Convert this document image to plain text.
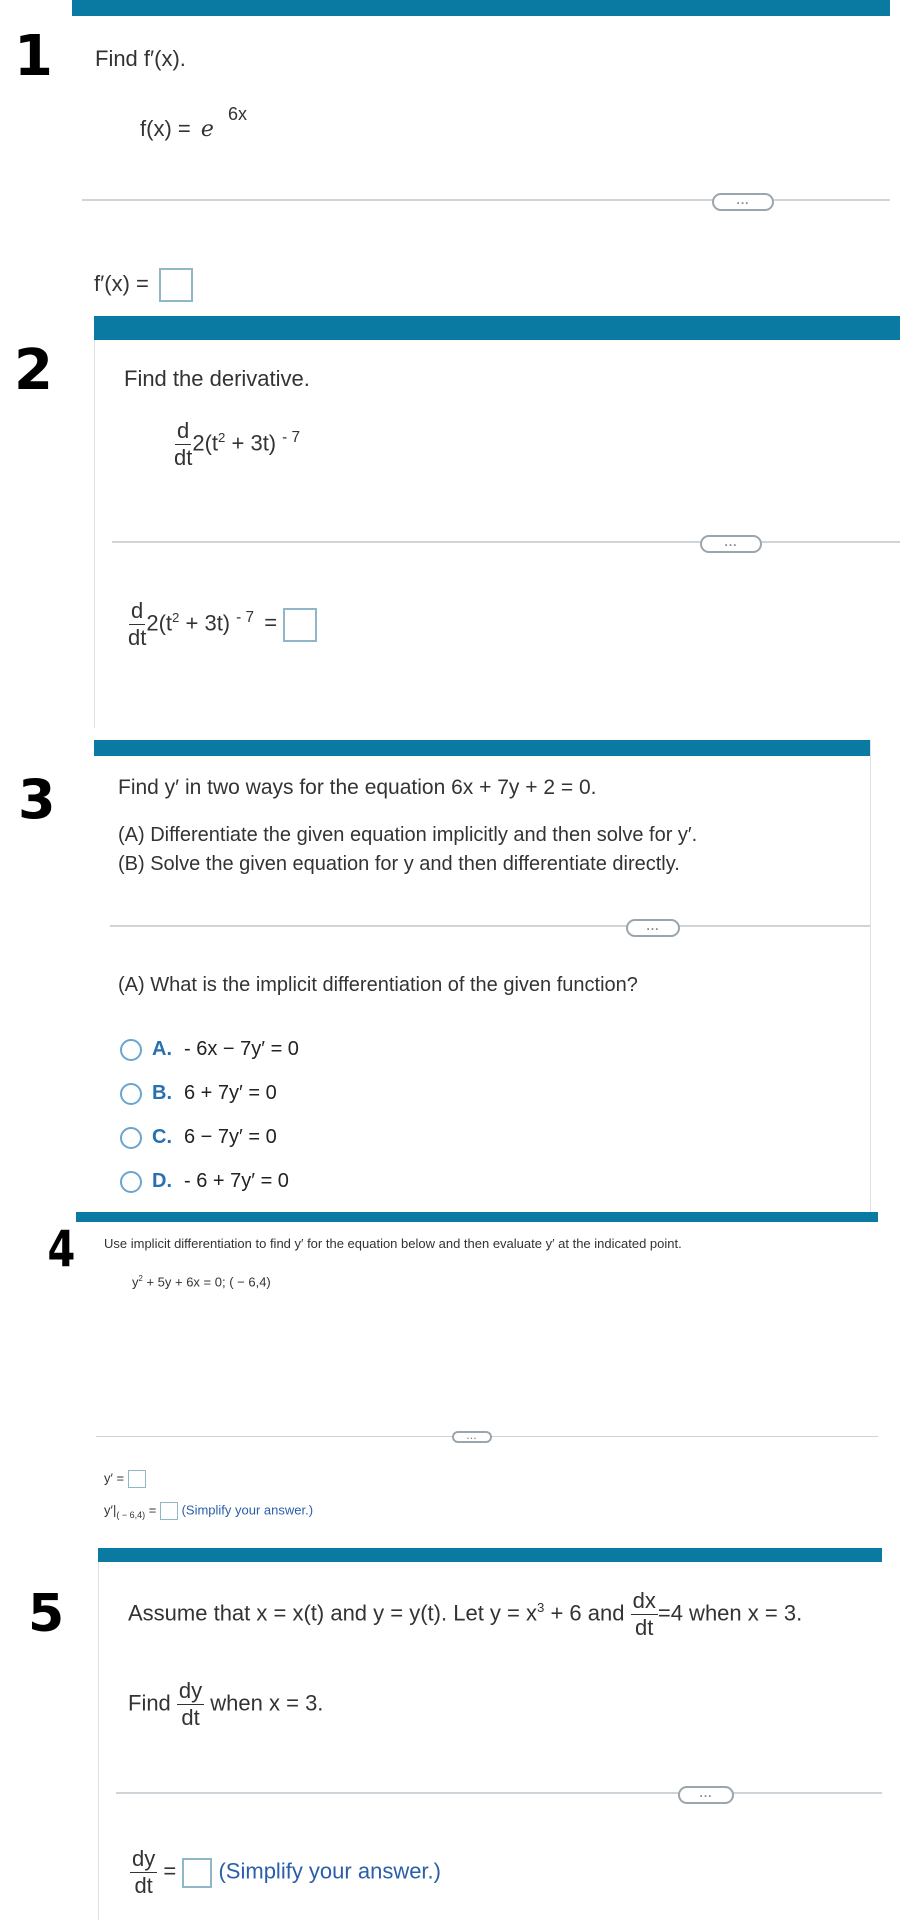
1 Find f′(x).
f(x) = e $^{6x}$
...
f′(x) =
2	Find the derivative.
$\frac{d}{dt} 2(t^2 + 3t)$ $^{- 7}$
...
$\frac{d}{dt} 2(t^2 + 3t) ^{- 7}$ =
3	Find y′ in two ways for the equation 6x + 7y + 2 = 0.
(A) Differentiate the given equation implicitly and then solve for y′.
(B) Solve the given equation for y and then differentiate directly.
...
(A) What is the implicit differentiation of the given function?
A. - 6x − 7y′ = 0
B. 6 + 7y′ = 0
C. 6 − 7y′ = 0
D. - 6 + 7y′ = 0
4 Use implicit differentiation to find y′ for the equation below and then evaluate y′ at the indicated point.
$y^2 + 5y + 6x = 0$; ( − 6,4)
...
y′ =
$y'|_{( - 6,4)}$ = (Simplify your answer.)
5	Assume that x = x(t) and y = y(t). Let $y = x^3 + 6$ and $\frac{dx}{dt} =4$ when x = 3.
Find $\frac{dy}{dt}$ when x = 3.
...
$\frac{dy}{dt}$ = (Simplify your answer.)
